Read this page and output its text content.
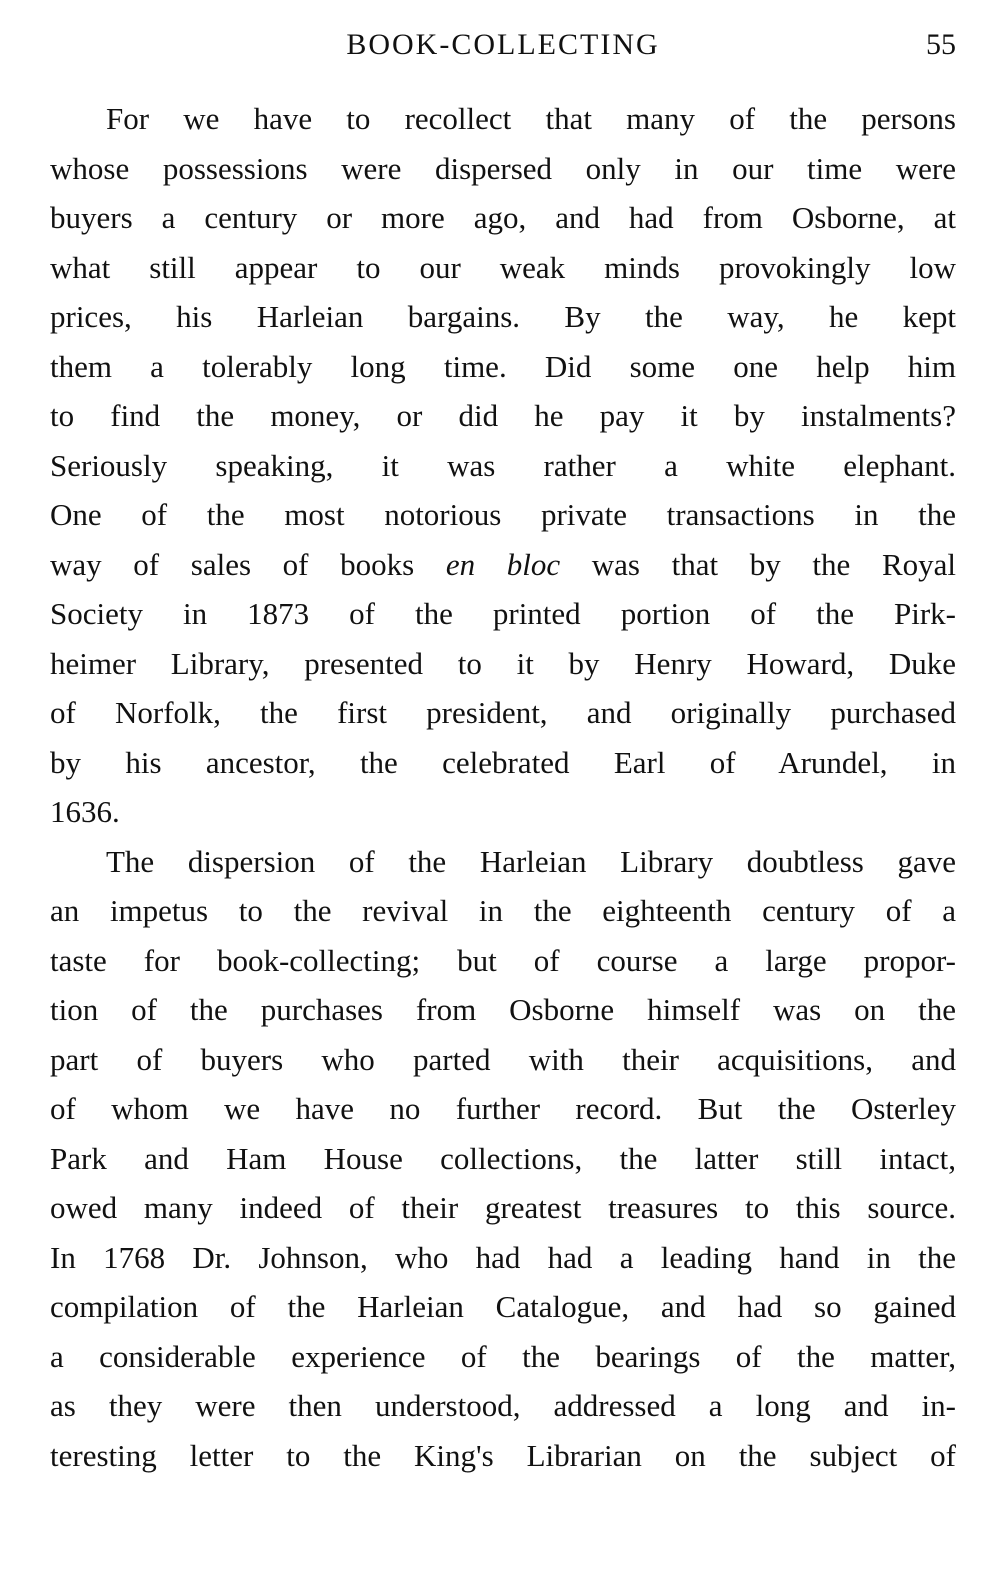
BOOK-COLLECTING	55
For we have to recollect that many of the persons
whose possessions were dispersed only in our time were
buyers a century or more ago, and had from Osborne, at
what still appear to our weak minds provokingly low
prices, his Harleian bargains. By the way, he kept
them a tolerably long time. Did some one help him
to find the money, or did he pay it by instalments?
Seriously speaking, it was rather a white elephant.
One of the most notorious private transactions in the
way of sales of books en bloc was that by the Royal
Society in 1873 of the printed portion of the Pirk-
heimer Library, presented to it by Henry Howard, Duke
of Norfolk, the first president, and originally purchased
by his ancestor, the celebrated Earl of Arundel, in
1636.
The dispersion of the Harleian Library doubtless gave
an impetus to the revival in the eighteenth century of a
taste for book-collecting; but of course a large propor-
tion of the purchases from Osborne himself was on the
part of buyers who parted with their acquisitions, and
of whom we have no further record. But the Osterley
Park and Ham House collections, the latter still intact,
owed many indeed of their greatest treasures to this source.
In 1768 Dr. Johnson, who had had a leading hand in the
compilation of the Harleian Catalogue, and had so gained
a considerable experience of the bearings of the matter,
as they were then understood, addressed a long and in-
teresting letter to the King's Librarian on the subject of
